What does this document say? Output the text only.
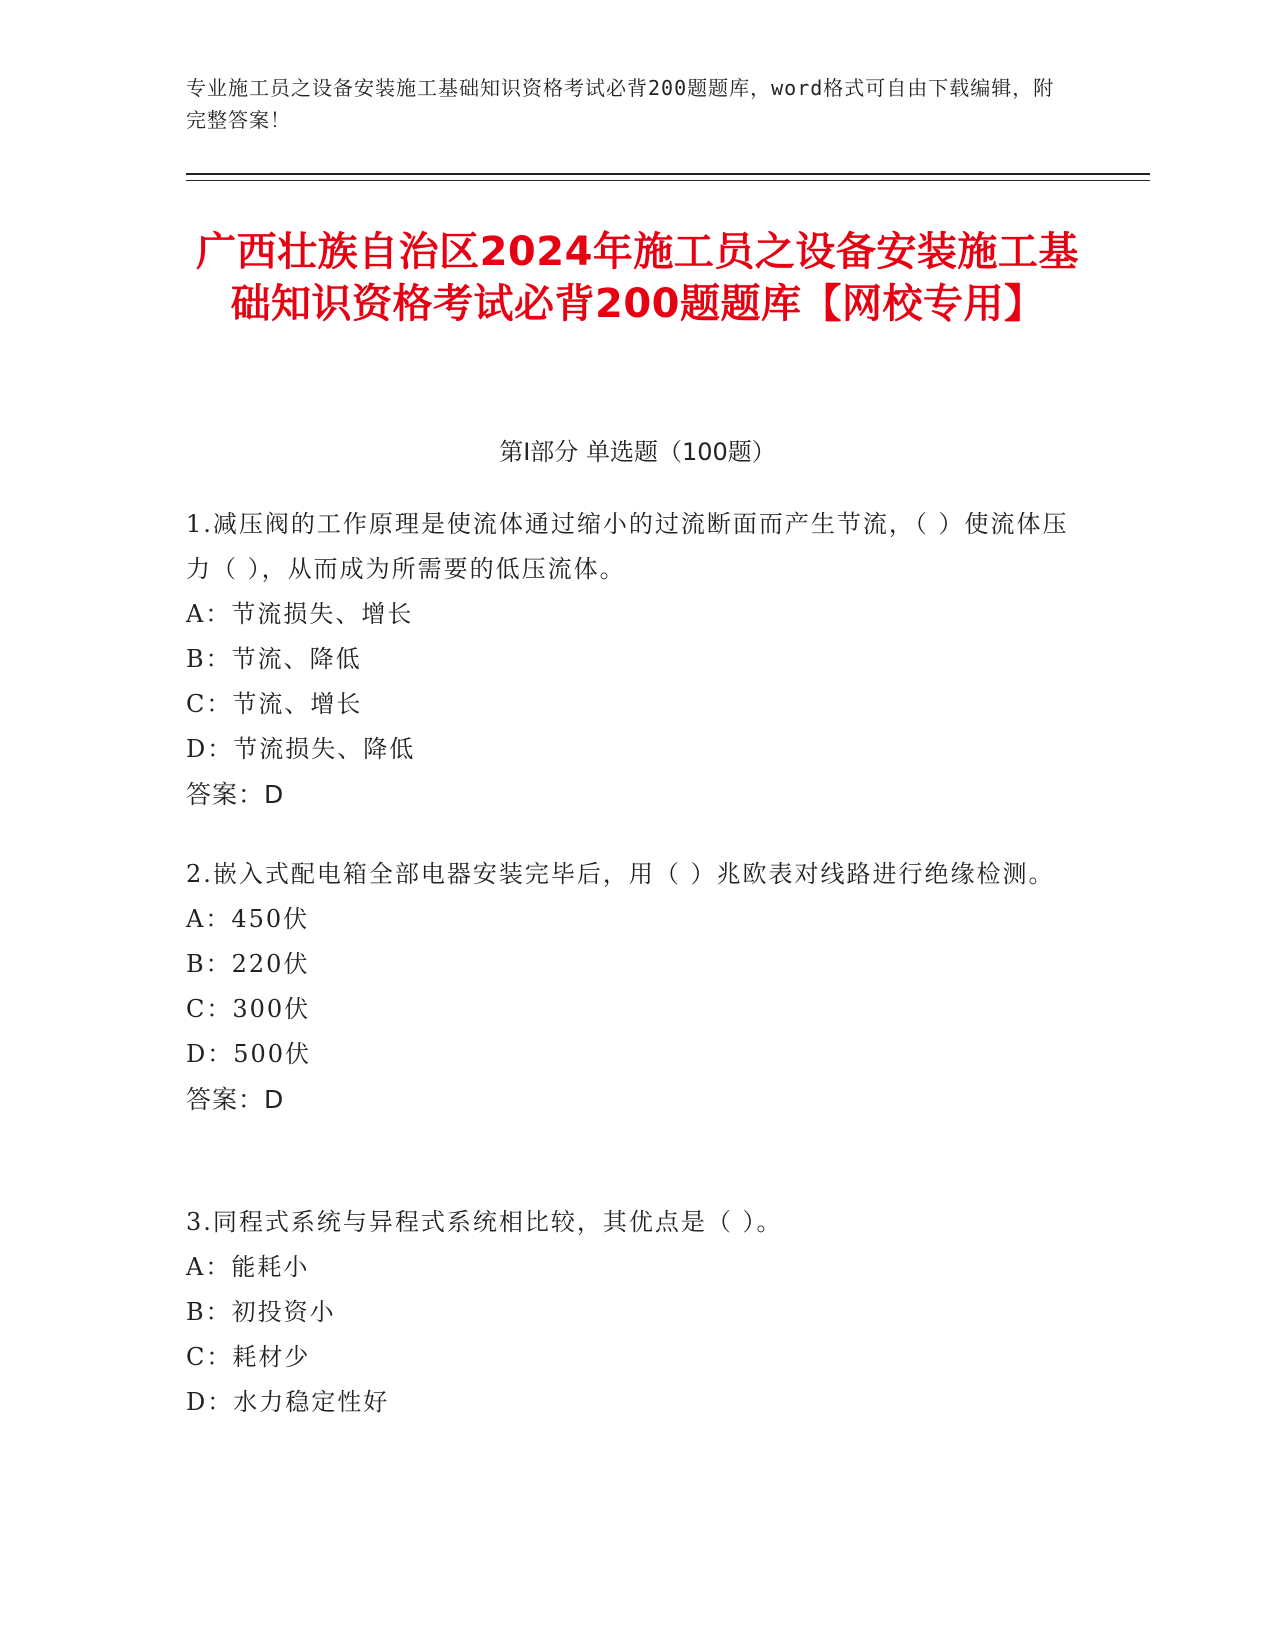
专业施工员之设备安装施工基础知识资格考试必背200题题库，word格式可自由下载编辑，附完整答案！
广西壮族自治区2024年施工员之设备安装施工基础知识资格考试必背200题题库【网校专用】
第I部分 单选题（100题）
1.减压阀的工作原理是使流体通过缩小的过流断面而产生节流，（ ）使流体压力（ ），从而成为所需要的低压流体。
A：节流损失、增长
B：节流、降低
C：节流、增长
D：节流损失、降低
答案：D
2.嵌入式配电箱全部电器安装完毕后，用（ ）兆欧表对线路进行绝缘检测。
A：450伏
B：220伏
C：300伏
D：500伏
答案：D
3.同程式系统与异程式系统相比较，其优点是（ ）。
A：能耗小
B：初投资小
C：耗材少
D：水力稳定性好
